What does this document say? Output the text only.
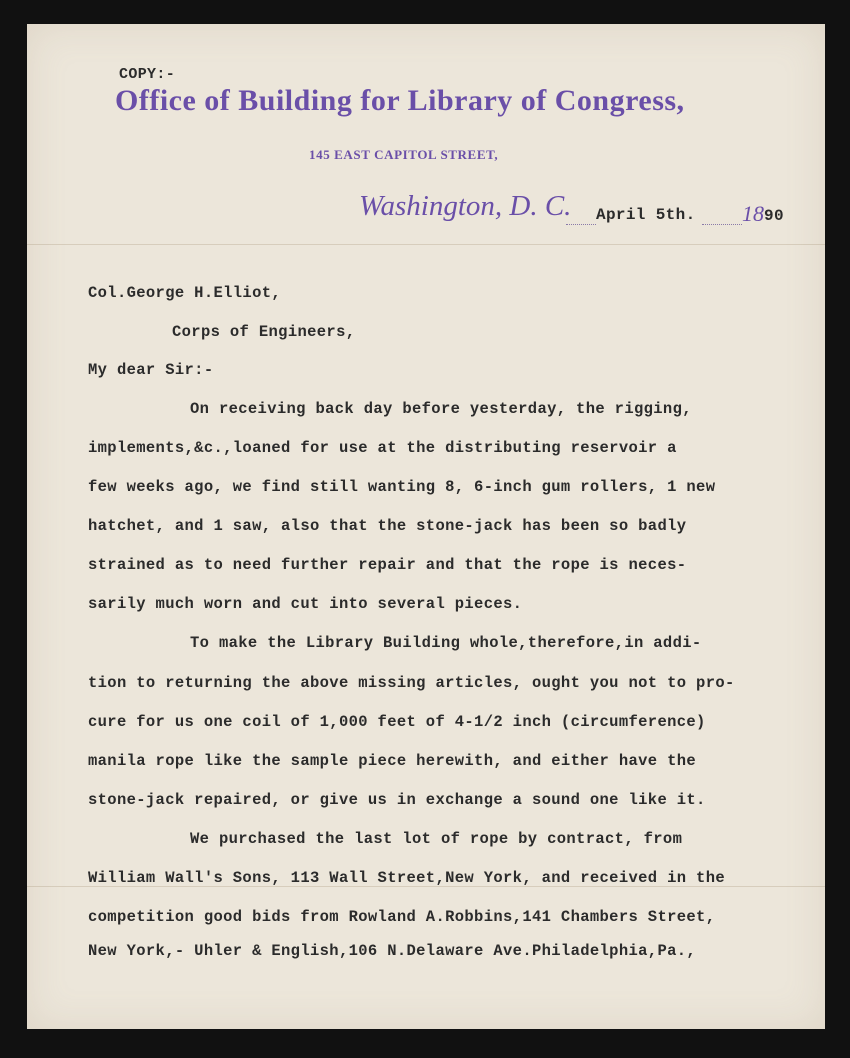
COPY:-
Office of Building for Library of Congress,
145 EAST CAPITOL STREET,
Washington, D. C. April 5th. 18 90
Col.George H.Elliot,
Corps of Engineers,
My dear Sir:-
On receiving back day before yesterday, the rigging,
implements,&c.,loaned for use at the distributing reservoir a
few weeks ago, we find still wanting 8, 6-inch gum rollers, 1 new
hatchet, and 1 saw, also that the stone-jack has been so badly
strained as to need further repair and that the rope is neces-
sarily much worn and cut into several pieces.
To make the Library Building whole,therefore,in addi-
tion to returning the above missing articles, ought you not to pro-
cure for us one coil of 1,000 feet of 4-1/2 inch (circumference)
manila rope like the sample piece herewith, and either have the
stone-jack repaired, or give us in exchange a sound one like it.
We purchased the last lot of rope by contract, from
William Wall's Sons, 113 Wall Street,New York, and received in the
competition good bids from Rowland A.Robbins,141 Chambers Street,
New York,- Uhler & English,106 N.Delaware Ave.Philadelphia,Pa.,
